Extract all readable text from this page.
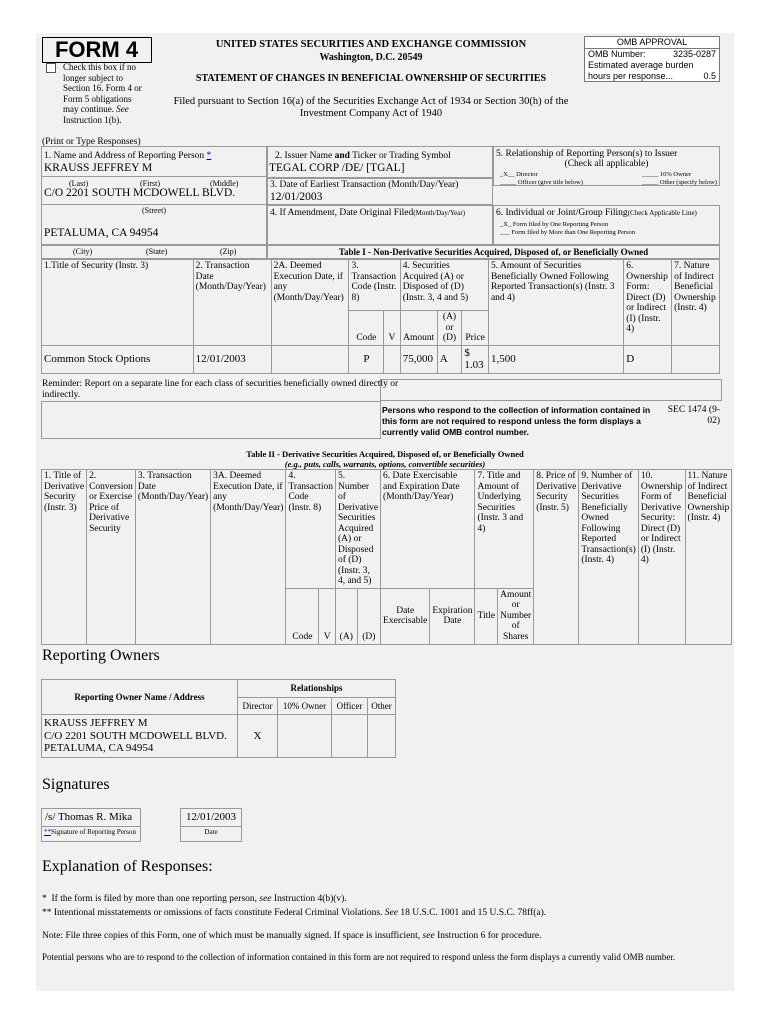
FORM 4
Check this box if no
longer subject to
Section 16. Form 4 or
Form 5 obligations
may continue. See
Instruction 1(b).
UNITED STATES SECURITIES AND EXCHANGE COMMISSION
Washington, D.C. 20549
STATEMENT OF CHANGES IN BENEFICIAL OWNERSHIP OF SECURITIES
Filed pursuant to Section 16(a) of the Securities Exchange Act of 1934 or Section 30(h) of the Investment Company Act of 1940
OMB APPROVAL
OMB Number:	3235-0287
Estimated average burden
hours per response...	0.5
(Print or Type Responses)
1. Name and Address of Reporting Person *
KRAUSS JEFFREY M
(Last)	(First)	(Middle)
C/O 2201 SOUTH MCDOWELL BLVD.
(Street)
PETALUMA, CA 94954
(City)	(State)	(Zip)
2. Issuer Name and Ticker or Trading Symbol
TEGAL CORP /DE/ [TGAL]
3. Date of Earliest Transaction (Month/Day/Year)
12/01/2003
4. If Amendment, Date Original Filed(Month/Day/Year)
5. Relationship of Reporting Person(s) to Issuer
(Check all applicable)
_X__ Director	_____ 10% Owner
_____ Officer (give title below)	_____ Other (specify below)
6. Individual or Joint/Group Filing(Check Applicable Line)
_X_ Form filed by One Reporting Person
___ Form filed by More than One Reporting Person
Table I - Non-Derivative Securities Acquired, Disposed of, or Beneficially Owned
1.Title of Security (Instr. 3)	2. Transaction Date (Month/Day/Year)	2A. Deemed Execution Date, if any (Month/Day/Year)	3. Transaction Code (Instr. 8)		4. Securities Acquired (A) or Disposed of (D) (Instr. 3, 4 and 5)			5. Amount of Securities Beneficially Owned Following Reported Transaction(s) (Instr. 3 and 4)	6. Ownership Form: Direct (D) or Indirect (I) (Instr. 4)	7. Nature of Indirect Beneficial Ownership (Instr. 4)
			Code	V	Amount	(A) or (D)	Price			
Common Stock Options	12/01/2003		P		75,000	A	$ 1.03	1,500	D	
Reminder: Report on a separate line for each class of securities beneficially owned directly or indirectly.
Persons who respond to the collection of information contained in this form are not required to respond unless the form displays a currently valid OMB control number.
SEC 1474 (9-02)
Table II - Derivative Securities Acquired, Disposed of, or Beneficially Owned
(e.g., puts, calls, warrants, options, convertible securities)
1. Title of Derivative Security (Instr. 3)	2. Conversion or Exercise Price of Derivative Security	3. Transaction Date (Month/Day/Year)	3A. Deemed Execution Date, if any (Month/Day/Year)	4. Transaction Code (Instr. 8)		5. Number of Derivative Securities Acquired (A) or Disposed of (D) (Instr. 3, 4, and 5)		6. Date Exercisable and Expiration Date (Month/Day/Year)		7. Title and Amount of Underlying Securities (Instr. 3 and 4)		8. Price of Derivative Security (Instr. 5)	9. Number of Derivative Securities Beneficially Owned Following Reported Transaction(s) (Instr. 4)	10. Ownership Form of Derivative Security: Direct (D) or Indirect (I) (Instr. 4)	11. Nature of Indirect Beneficial Ownership (Instr. 4)
				Code	V	(A)	(D)	Date Exercisable	Expiration Date	Title	Amount or Number of Shares				
Reporting Owners
Reporting Owner Name / Address	Relationships			
	Director	10% Owner	Officer	Other
KRAUSS JEFFREY M
C/O 2201 SOUTH MCDOWELL BLVD.
PETALUMA, CA 94954	X			
Signatures
/s/ Thomas R. Mika
**Signature of Reporting Person
12/01/2003
Date
Explanation of Responses:
* If the form is filed by more than one reporting person, see Instruction 4(b)(v).
** Intentional misstatements or omissions of facts constitute Federal Criminal Violations. See 18 U.S.C. 1001 and 15 U.S.C. 78ff(a).
Note: File three copies of this Form, one of which must be manually signed. If space is insufficient, see Instruction 6 for procedure.
Potential persons who are to respond to the collection of information contained in this form are not required to respond unless the form displays a currently valid OMB number.
